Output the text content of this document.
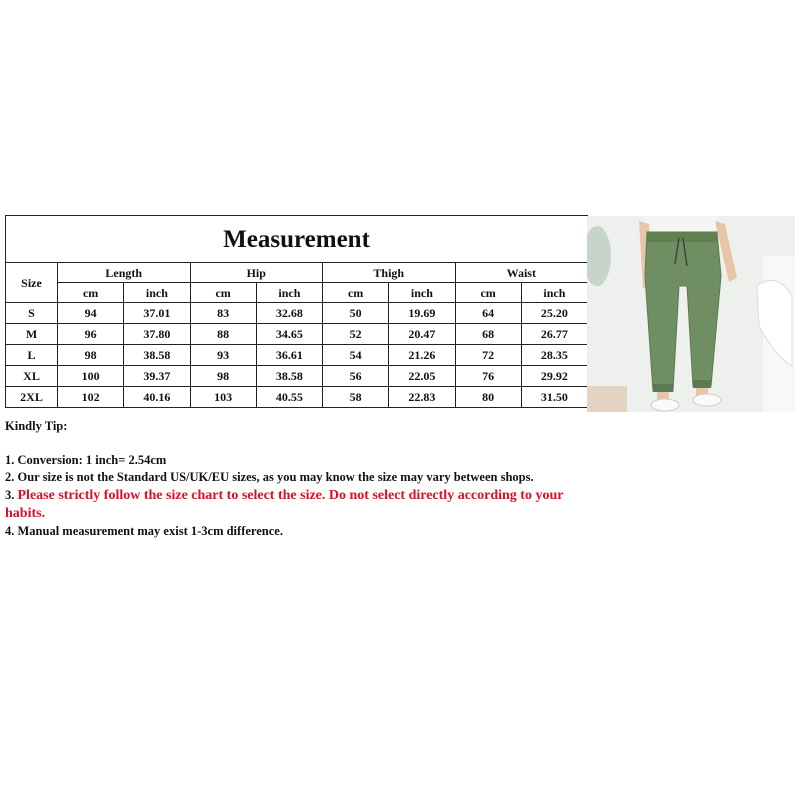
Measurement								
Size	Length		Hip		Thigh		Waist	
	cm	inch	cm	inch	cm	inch	cm	inch
S	94	37.01	83	32.68	50	19.69	64	25.20
M	96	37.80	88	34.65	52	20.47	68	26.77
L	98	38.58	93	36.61	54	21.26	72	28.35
XL	100	39.37	98	38.58	56	22.05	76	29.92
2XL	102	40.16	103	40.55	58	22.83	80	31.50

Kindly Tip:

1. Conversion: 1 inch= 2.54cm

2. Our size is not the Standard US/UK/EU sizes, as you may know the size may vary between shops.

3. Please strictly follow the size chart to select the size. Do not select directly according to your habits.

4. Manual measurement may exist 1-3cm difference.
